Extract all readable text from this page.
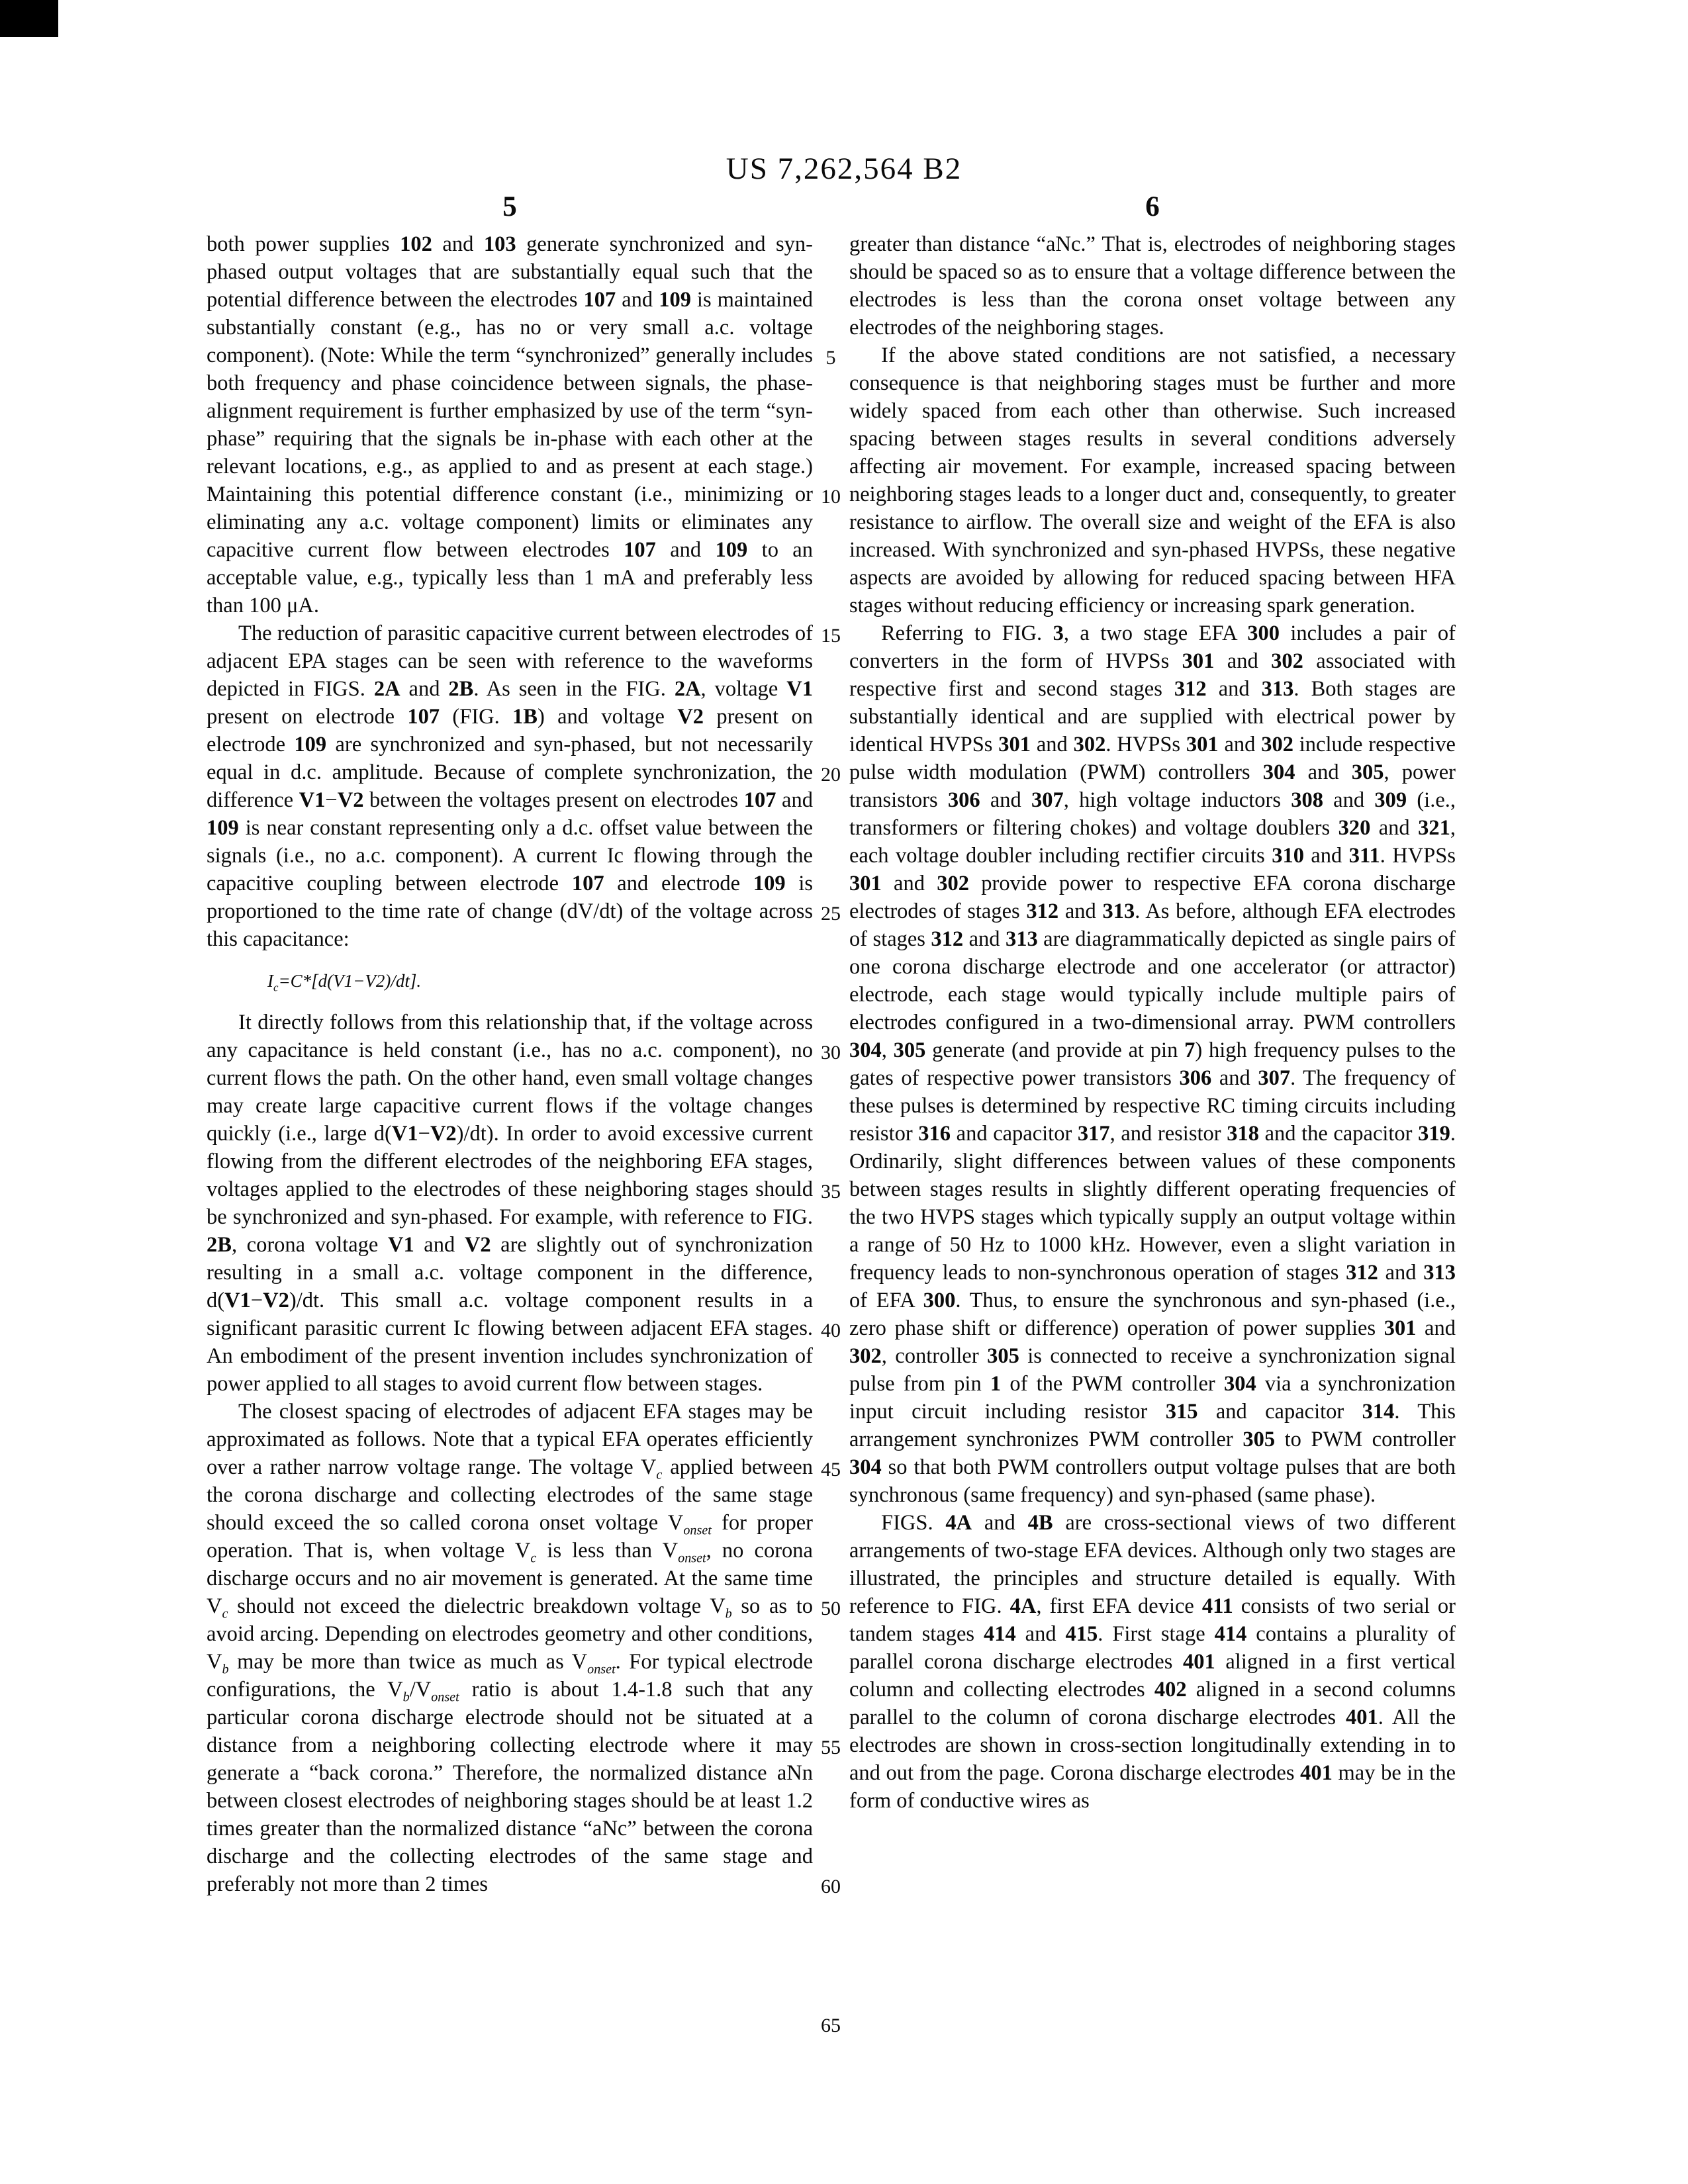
US 7,262,564 B2
5	6

both power supplies 102 and 103 generate synchronized and syn-phased output voltages that are substantially equal such that the potential difference between the electrodes 107 and 109 is maintained substantially constant (e.g., has no or very small a.c. voltage component). (Note: While the term “synchronized” generally includes both frequency and phase coincidence between signals, the phase-alignment requirement is further emphasized by use of the term “syn-phase” requiring that the signals be in-phase with each other at the relevant locations, e.g., as applied to and as present at each stage.) Maintaining this potential difference constant (i.e., minimizing or eliminating any a.c. voltage component) limits or eliminates any capacitive current flow between electrodes 107 and 109 to an acceptable value, e.g., typically less than 1 mA and preferably less than 100 μA.

The reduction of parasitic capacitive current between electrodes of adjacent EPA stages can be seen with reference to the waveforms depicted in FIGS. 2A and 2B. As seen in the FIG. 2A, voltage V1 present on electrode 107 (FIG. 1B) and voltage V2 present on electrode 109 are synchronized and syn-phased, but not necessarily equal in d.c. amplitude. Because of complete synchronization, the difference V1−V2 between the voltages present on electrodes 107 and 109 is near constant representing only a d.c. offset value between the signals (i.e., no a.c. component). A current Ic flowing through the capacitive coupling between electrode 107 and electrode 109 is proportioned to the time rate of change (dV/dt) of the voltage across this capacitance:

$I_c=C*[d(V1-V2)/dt]$.

It directly follows from this relationship that, if the voltage across any capacitance is held constant (i.e., has no a.c. component), no current flows the path. On the other hand, even small voltage changes may create large capacitive current flows if the voltage changes quickly (i.e., large d(V1−V2)/dt). In order to avoid excessive current flowing from the different electrodes of the neighboring EFA stages, voltages applied to the electrodes of these neighboring stages should be synchronized and syn-phased. For example, with reference to FIG. 2B, corona voltage V1 and V2 are slightly out of synchronization resulting in a small a.c. voltage component in the difference, d(V1−V2)/dt. This small a.c. voltage component results in a significant parasitic current Ic flowing between adjacent EFA stages. An embodiment of the present invention includes synchronization of power applied to all stages to avoid current flow between stages.

The closest spacing of electrodes of adjacent EFA stages may be approximated as follows. Note that a typical EFA operates efficiently over a rather narrow voltage range. The voltage $V_c$ applied between the corona discharge and collecting electrodes of the same stage should exceed the so called corona onset voltage $V_{onset}$ for proper operation. That is, when voltage $V_c$ is less than $V_{onset}$, no corona discharge occurs and no air movement is generated. At the same time $V_c$ should not exceed the dielectric breakdown voltage $V_b$ so as to avoid arcing. Depending on electrodes geometry and other conditions, $V_b$ may be more than twice as much as $V_{onset}$. For typical electrode configurations, the $V_b/V_{onset}$ ratio is about 1.4-1.8 such that any particular corona discharge electrode should not be situated at a distance from a neighboring collecting electrode where it may generate a “back corona.” Therefore, the normalized distance aNn between closest electrodes of neighboring stages should be at least 1.2 times greater than the normalized distance “aNc” between the corona discharge and the collecting electrodes of the same stage and preferably not more than 2 times

greater than distance “aNc.” That is, electrodes of neighboring stages should be spaced so as to ensure that a voltage difference between the electrodes is less than the corona onset voltage between any electrodes of the neighboring stages.

If the above stated conditions are not satisfied, a necessary consequence is that neighboring stages must be further and more widely spaced from each other than otherwise. Such increased spacing between stages results in several conditions adversely affecting air movement. For example, increased spacing between neighboring stages leads to a longer duct and, consequently, to greater resistance to airflow. The overall size and weight of the EFA is also increased. With synchronized and syn-phased HVPSs, these negative aspects are avoided by allowing for reduced spacing between HFA stages without reducing efficiency or increasing spark generation.

Referring to FIG. 3, a two stage EFA 300 includes a pair of converters in the form of HVPSs 301 and 302 associated with respective first and second stages 312 and 313. Both stages are substantially identical and are supplied with electrical power by identical HVPSs 301 and 302. HVPSs 301 and 302 include respective pulse width modulation (PWM) controllers 304 and 305, power transistors 306 and 307, high voltage inductors 308 and 309 (i.e., transformers or filtering chokes) and voltage doublers 320 and 321, each voltage doubler including rectifier circuits 310 and 311. HVPSs 301 and 302 provide power to respective EFA corona discharge electrodes of stages 312 and 313. As before, although EFA electrodes of stages 312 and 313 are diagrammatically depicted as single pairs of one corona discharge electrode and one accelerator (or attractor) electrode, each stage would typically include multiple pairs of electrodes configured in a two-dimensional array. PWM controllers 304, 305 generate (and provide at pin 7) high frequency pulses to the gates of respective power transistors 306 and 307. The frequency of these pulses is determined by respective RC timing circuits including resistor 316 and capacitor 317, and resistor 318 and the capacitor 319. Ordinarily, slight differences between values of these components between stages results in slightly different operating frequencies of the two HVPS stages which typically supply an output voltage within a range of 50 Hz to 1000 kHz. However, even a slight variation in frequency leads to non-synchronous operation of stages 312 and 313 of EFA 300. Thus, to ensure the synchronous and syn-phased (i.e., zero phase shift or difference) operation of power supplies 301 and 302, controller 305 is connected to receive a synchronization signal pulse from pin 1 of the PWM controller 304 via a synchronization input circuit including resistor 315 and capacitor 314. This arrangement synchronizes PWM controller 305 to PWM controller 304 so that both PWM controllers output voltage pulses that are both synchronous (same frequency) and syn-phased (same phase).

FIGS. 4A and 4B are cross-sectional views of two different arrangements of two-stage EFA devices. Although only two stages are illustrated, the principles and structure detailed is equally. With reference to FIG. 4A, first EFA device 411 consists of two serial or tandem stages 414 and 415. First stage 414 contains a plurality of parallel corona discharge electrodes 401 aligned in a first vertical column and collecting electrodes 402 aligned in a second columns parallel to the column of corona discharge electrodes 401. All the electrodes are shown in cross-section longitudinally extending in to and out from the page. Corona discharge electrodes 401 may be in the form of conductive wires as

5
10
15
20
25
30
35
40
45
50
55
60
65
